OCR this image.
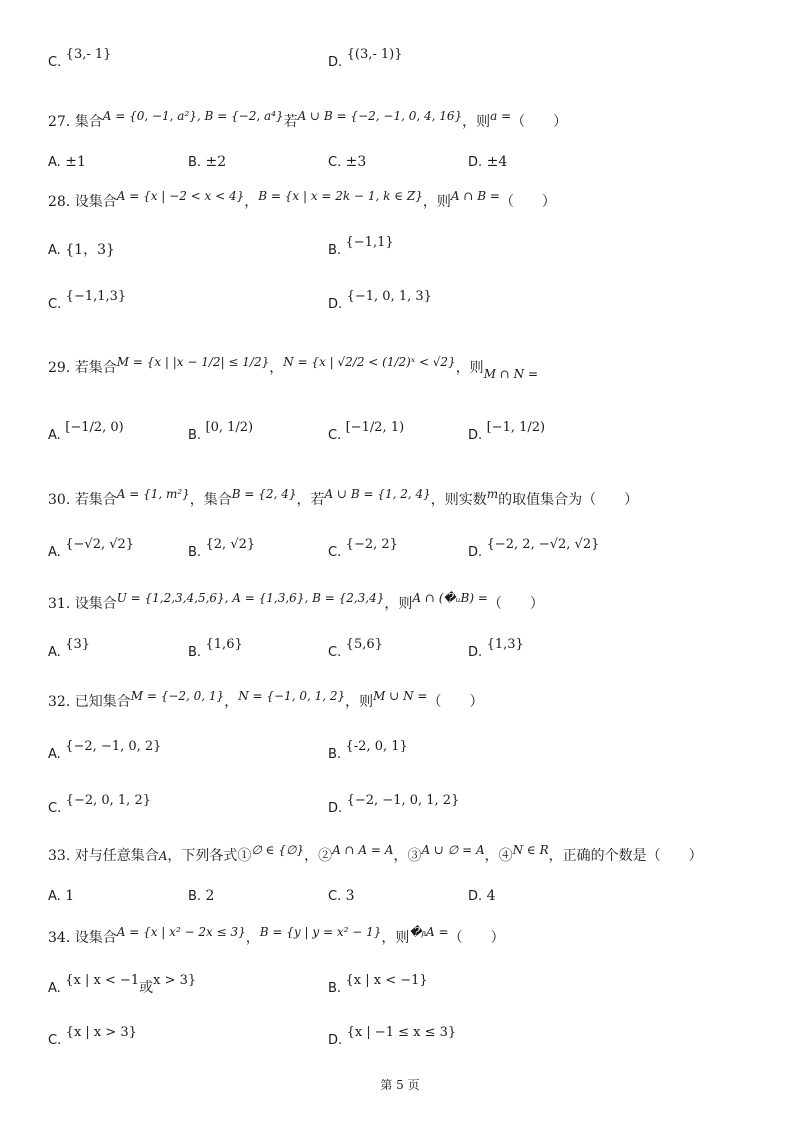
C. {3,‑ 1}
D. {(3,‑ 1)}
27. 集合A = {0, −1, a²}, B = {−2, a⁴}若A ∪ B = {−2, −1, 0, 4, 16}，则a =（　　）
A. ±1	B. ±2	C. ±3	D. ±4
28. 设集合A = {x | −2 < x < 4}，B = {x | x = 2k − 1, k ∈ Z}，则A ∩ B =（　　）
A. {1，3}	B. {−1,1}
C. {−1,1,3}
D. {−1, 0, 1, 3}
29. 若集合M = {x | |x − 1/2| ≤ 1/2}，N = {x | √2/2 < (1/2)ˣ < √2}，则M ∩ N =
A. [−1/2, 0)
B. [0, 1/2)
C. [−1/2, 1)
D. [−1, 1/2)
30. 若集合A = {1, m²}，集合B = {2, 4}，若A ∪ B = {1, 2, 4}，则实数m的取值集合为（　　）
A. {−√2, √2}
B. {2, √2}
C. {−2, 2}
D. {−2, 2, −√2, √2}
31. 设集合U = {1,2,3,4,5,6}, A = {1,3,6}, B = {2,3,4}，则A ∩ (�ᵤB) =（　　）
A. {3}
B. {1,6}
C. {5,6}
D. {1,3}
32. 已知集合M = {−2, 0, 1}，N = {−1, 0, 1, 2}，则M ∪ N =（　　）
A. {−2, −1, 0, 2}
B. {‑2, 0, 1}
C. {−2, 0, 1, 2}
D. {−2, −1, 0, 1, 2}
33. 对与任意集合A，下列各式①∅ ∈ {∅}，②A ∩ A = A，③A ∪ ∅ = A，④N ∈ R，正确的个数是（　　）
A. 1	B. 2	C. 3	D. 4
34. 设集合A = {x | x² − 2x ≤ 3}，B = {y | y = x² − 1}，则�ᵦA =（　　）
A. {x | x < −1或x > 3}
B. {x | x < −1}
C. {x | x > 3}
D. {x | −1 ≤ x ≤ 3}
第 5 页
